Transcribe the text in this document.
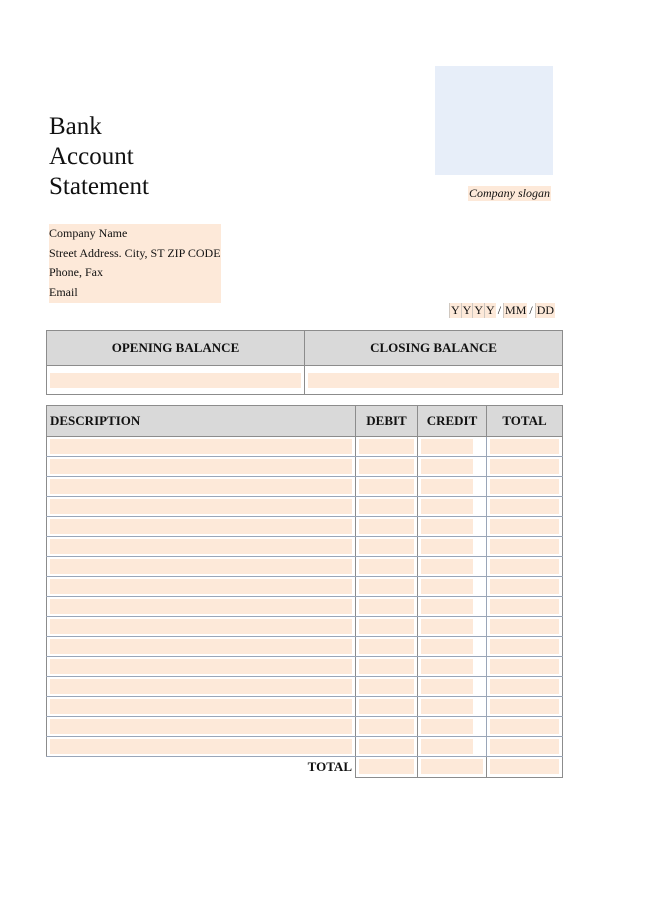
Bank
Account
Statement	Company slogan
Company Name
Street Address. City, ST ZIP CODE
Phone, Fax
Email
Y Y Y Y / MM / DD
OPENING BALANCE	CLOSING BALANCE

DESCRIPTION	DEBIT	CREDIT	TOTAL

TOTAL	
